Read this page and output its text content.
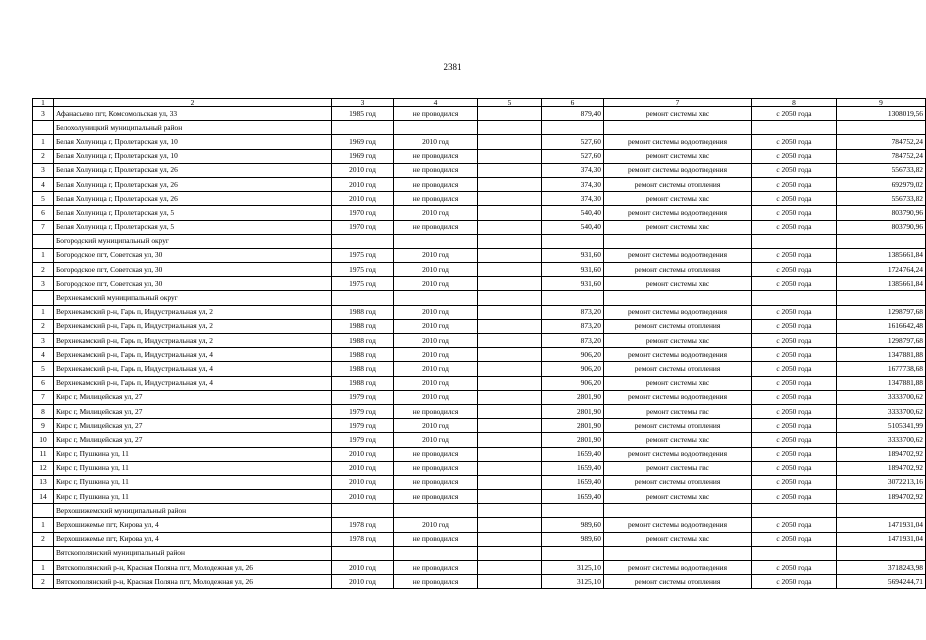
2381
1	2	3	4	5	6	7	8	9
3	Афанасьево пгт, Комсомольская ул, 33	1985 год	не проводился		879,40	ремонт системы хвс	с 2050 года	1308019,56
	Белохолуницкий муниципальный район							
1	Белая Холуница г, Пролетарская ул, 10	1969 год	2010 год		527,60	ремонт системы водоотведения	с 2050 года	784752,24
2	Белая Холуница г, Пролетарская ул, 10	1969 год	не проводился		527,60	ремонт системы хвс	с 2050 года	784752,24
3	Белая Холуница г, Пролетарская ул, 26	2010 год	не проводился		374,30	ремонт системы водоотведения	с 2050 года	556733,82
4	Белая Холуница г, Пролетарская ул, 26	2010 год	не проводился		374,30	ремонт системы отопления	с 2050 года	692979,02
5	Белая Холуница г, Пролетарская ул, 26	2010 год	не проводился		374,30	ремонт системы хвс	с 2050 года	556733,82
6	Белая Холуница г, Пролетарская ул, 5	1970 год	2010 год		540,40	ремонт системы водоотведения	с 2050 года	803790,96
7	Белая Холуница г, Пролетарская ул, 5	1970 год	не проводился		540,40	ремонт системы хвс	с 2050 года	803790,96
	Богородский муниципальный округ							
1	Богородское пгт, Советская ул, 30	1975 год	2010 год		931,60	ремонт системы водоотведения	с 2050 года	1385661,84
2	Богородское пгт, Советская ул, 30	1975 год	2010 год		931,60	ремонт системы отопления	с 2050 года	1724764,24
3	Богородское пгт, Советская ул, 30	1975 год	2010 год		931,60	ремонт системы хвс	с 2050 года	1385661,84
	Верхнекамский муниципальный округ							
1	Верхнекамский р-н, Гарь п, Индустриальная ул, 2	1988 год	2010 год		873,20	ремонт системы водоотведения	с 2050 года	1298797,68
2	Верхнекамский р-н, Гарь п, Индустриальная ул, 2	1988 год	2010 год		873,20	ремонт системы отопления	с 2050 года	1616642,48
3	Верхнекамский р-н, Гарь п, Индустриальная ул, 2	1988 год	2010 год		873,20	ремонт системы хвс	с 2050 года	1298797,68
4	Верхнекамский р-н, Гарь п, Индустриальная ул, 4	1988 год	2010 год		906,20	ремонт системы водоотведения	с 2050 года	1347881,88
5	Верхнекамский р-н, Гарь п, Индустриальная ул, 4	1988 год	2010 год		906,20	ремонт системы отопления	с 2050 года	1677738,68
6	Верхнекамский р-н, Гарь п, Индустриальная ул, 4	1988 год	2010 год		906,20	ремонт системы хвс	с 2050 года	1347881,88
7	Кирс г, Милицейская ул, 27	1979 год	2010 год		2801,90	ремонт системы водоотведения	с 2050 года	3333700,62
8	Кирс г, Милицейская ул, 27	1979 год	не проводился		2801,90	ремонт системы гвс	с 2050 года	3333700,62
9	Кирс г, Милицейская ул, 27	1979 год	2010 год		2801,90	ремонт системы отопления	с 2050 года	5105341,99
10	Кирс г, Милицейская ул, 27	1979 год	2010 год		2801,90	ремонт системы хвс	с 2050 года	3333700,62
11	Кирс г, Пушкина ул, 11	2010 год	не проводился		1659,40	ремонт системы водоотведения	с 2050 года	1894702,92
12	Кирс г, Пушкина ул, 11	2010 год	не проводился		1659,40	ремонт системы гвс	с 2050 года	1894702,92
13	Кирс г, Пушкина ул, 11	2010 год	не проводился		1659,40	ремонт системы отопления	с 2050 года	3072213,16
14	Кирс г, Пушкина ул, 11	2010 год	не проводился		1659,40	ремонт системы хвс	с 2050 года	1894702,92
	Верхошижемский муниципальный район							
1	Верхошижемье пгт, Кирова ул, 4	1978 год	2010 год		989,60	ремонт системы водоотведения	с 2050 года	1471931,04
2	Верхошижемье пгт, Кирова ул, 4	1978 год	не проводился		989,60	ремонт системы хвс	с 2050 года	1471931,04
	Вятскополянский муниципальный район							
1	Вятскополянский р-н, Красная Поляна пгт, Молодежная ул, 26	2010 год	не проводился		3125,10	ремонт системы водоотведения	с 2050 года	3718243,98
2	Вятскополянский р-н, Красная Поляна пгт, Молодежная ул, 26	2010 год	не проводился		3125,10	ремонт системы отопления	с 2050 года	5694244,71
